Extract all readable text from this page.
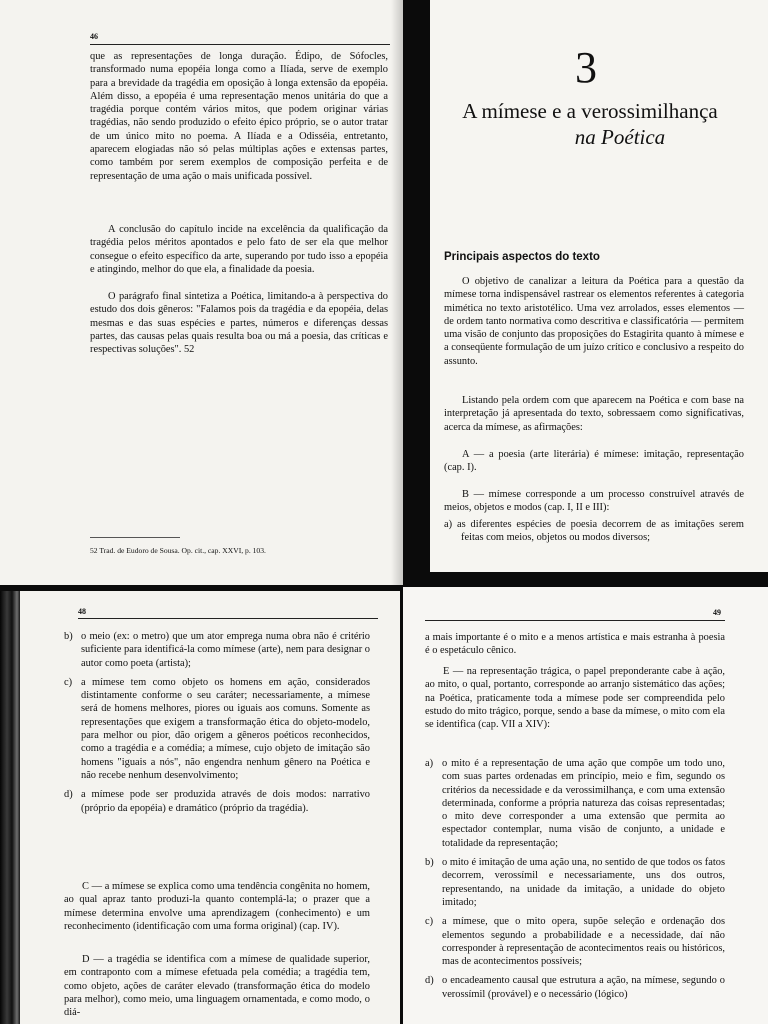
46

que as representações de longa duração. Édipo, de Sófocles, transformado numa epopéia longa como a Ilíada, serve de exemplo para a brevidade da tragédia em oposição à longa extensão da epopéia. Além disso, a epopéia é uma representação menos unitária do que a tragédia porque contém vários mitos, que podem originar várias tragédias, não sendo produzido o efeito épico próprio, se o autor tratar de um único mito no poema. A Ilíada e a Odisséia, entretanto, aparecem elogiadas não só pelas múltiplas ações e extensas partes, como também por serem exemplos de composição perfeita e de representação de uma ação o mais unificada possível.

A conclusão do capítulo incide na excelência da qualificação da tragédia pelos méritos apontados e pelo fato de ser ela que melhor consegue o efeito específico da arte, superando por tudo isso a epopéia e atingindo, melhor do que ela, a finalidade da poesia.

O parágrafo final sintetiza a Poética, limitando-a à perspectiva do estudo dos dois gêneros: "Falamos pois da tragédia e da epopéia, delas mesmas e das suas espécies e partes, números e diferenças dessas partes, das causas pelas quais resulta boa ou má a poesia, das críticas e respectivas soluções". 52

52 Trad. de Eudoro de Sousa. Op. cit., cap. XXVI, p. 103.
3
A mímese e a verossimilhança
na Poética
Principais aspectos do texto

O objetivo de canalizar a leitura da Poética para a questão da mímese torna indispensável rastrear os elementos referentes à categoria mimética no texto aristotélico. Uma vez arrolados, esses elementos — de ordem tanto normativa como descritiva e classificatória — permitem uma visão de conjunto das proposições do Estagirita quanto à mímese e a conseqüente formulação de um juízo crítico e conclusivo a respeito do assunto.

Listando pela ordem com que aparecem na Poética e com base na interpretação já apresentada do texto, sobressaem como significativas, acerca da mímese, as afirmações:

A — a poesia (arte literária) é mímese: imitação, representação (cap. I).

B — mímese corresponde a um processo construível através de meios, objetos e modos (cap. I, II e III):

a) as diferentes espécies de poesia decorrem de as imitações serem feitas com meios, objetos ou modos diversos;

48
b) o meio (ex: o metro) que um ator emprega numa obra não é critério suficiente para identificá-la como mímese (arte), nem para designar o autor como poeta (artista);
c) a mímese tem como objeto os homens em ação, considerados distintamente conforme o seu caráter; necessariamente, a mímese será de homens melhores, piores ou iguais aos comuns. Somente as representações que exigem a transformação ética do objeto-modelo, para melhor ou pior, dão origem a gêneros poéticos reconhecidos, como a tragédia e a comédia; a mímese, cujo objeto de imitação são homens "iguais a nós", não engendra nenhum gênero na Poética e não recebe nenhum desenvolvimento;
d) a mímese pode ser produzida através de dois modos: narrativo (próprio da epopéia) e dramático (próprio da tragédia).

C — a mímese se explica como uma tendência congênita no homem, ao qual apraz tanto produzi-la quanto contemplá-la; o prazer que a mímese determina envolve uma aprendizagem (conhecimento) e um reconhecimento (identificação com uma forma original) (cap. IV).

D — a tragédia se identifica com a mímese de qualidade superior, em contraponto com a mímese efetuada pela comédia; a tragédia tem, como objeto, ações de caráter elevado (transformação ética do modelo para melhor), como meio, uma linguagem ornamentada, e como modo, o diá-

49

a mais importante é o mito e a menos artística e mais estranha à poesia é o espetáculo cênico.

E — na representação trágica, o papel preponderante cabe à ação, ao mito, o qual, portanto, corresponde ao arranjo sistemático das ações; na Poética, praticamente toda a mímese pode ser compreendida pelo estudo do mito trágico, porque, sendo a base da mímese, o mito com ela se identifica (cap. VII a XIV):

a) o mito é a representação de uma ação que compõe um todo uno, com suas partes ordenadas em princípio, meio e fim, segundo os critérios da necessidade e da verossimilhança, e com uma extensão determinada, conforme a própria natureza das coisas representadas; o mito deve corresponder a uma extensão que permita ao espectador contemplar, numa visão de conjunto, a unidade e totalidade da representação;
b) o mito é imitação de uma ação una, no sentido de que todos os fatos decorrem, verossímil e necessariamente, uns dos outros, representando, na unidade da imitação, a unidade do objeto imitado;
c) a mímese, que o mito opera, supõe seleção e ordenação dos elementos segundo a probabilidade e a necessidade, daí não corresponder à representação de acontecimentos reais ou históricos, mas de acontecimentos possíveis;
d) o encadeamento causal que estrutura a ação, na mímese, segundo o verossímil (provável) e o necessário (lógico)
